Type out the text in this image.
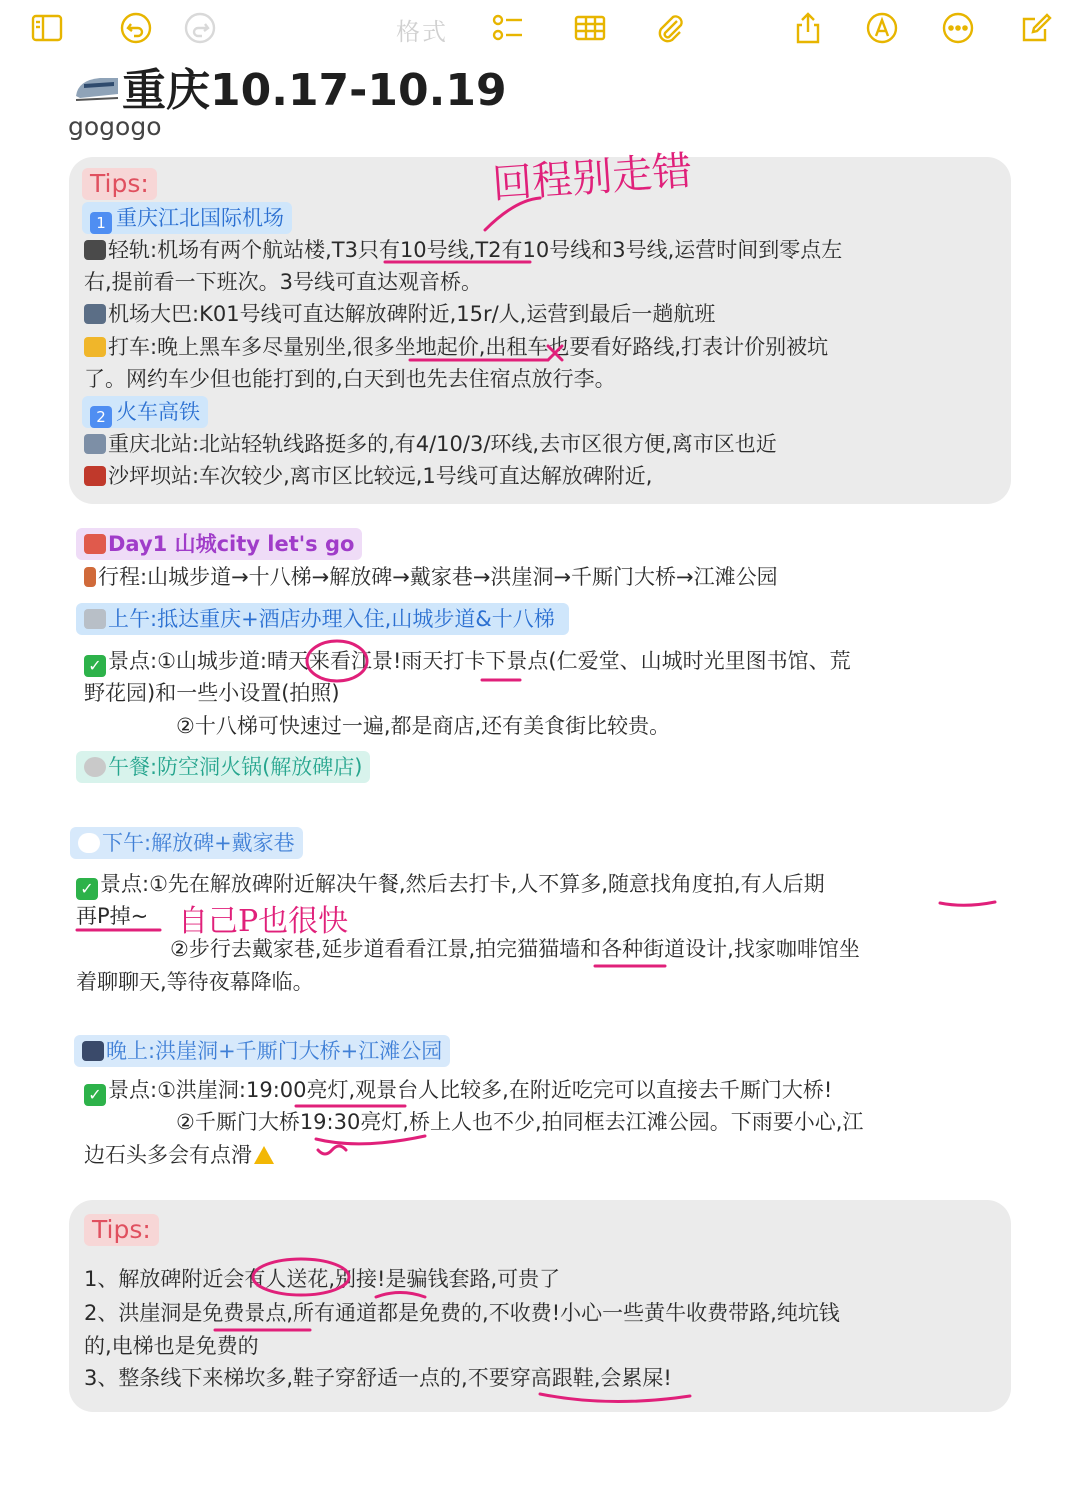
格式
重庆10.17-10.19
gogogo
Tips:
1 重庆江北国际机场
轻轨:机场有两个航站楼,T3只有10号线,T2有10号线和3号线,运营时间到零点左
右,提前看一下班次。3号线可直达观音桥。
机场大巴:K01号线可直达解放碑附近,15r/人,运营到最后一趟航班
打车:晚上黑车多尽量别坐,很多坐地起价,出租车也要看好路线,打表计价别被坑
了。网约车少但也能打到的,白天到也先去住宿点放行李。
2 火车高铁
重庆北站:北站轻轨线路挺多的,有4/10/3/环线,去市区很方便,离市区也近
沙坪坝站:车次较少,离市区比较远,1号线可直达解放碑附近,
回程别走错
Day1 山城city let's go
行程:山城步道→十八梯→解放碑→戴家巷→洪崖洞→千厮门大桥→江滩公园
上午:抵达重庆+酒店办理入住,山城步道&十八梯
✓ 景点:①山城步道:晴天来看江景!雨天打卡下景点(仁爱堂、山城时光里图书馆、荒
野花园)和一些小设置(拍照)
②十八梯可快速过一遍,都是商店,还有美食街比较贵。
午餐:防空洞火锅(解放碑店)
下午:解放碑+戴家巷
✓ 景点:①先在解放碑附近解决午餐,然后去打卡,人不算多,随意找角度拍,有人后期
再P掉~ 自己P也很快
②步行去戴家巷,延步道看看江景,拍完猫猫墙和各种街道设计,找家咖啡馆坐
着聊聊天,等待夜幕降临。
晚上:洪崖洞+千厮门大桥+江滩公园
✓ 景点:①洪崖洞:19:00亮灯,观景台人比较多,在附近吃完可以直接去千厮门大桥!
②千厮门大桥19:30亮灯,桥上人也不少,拍同框去江滩公园。下雨要小心,江
边石头多会有点滑
Tips:
1、解放碑附近会有人送花,别接!是骗钱套路,可贵了
2、洪崖洞是免费景点,所有通道都是免费的,不收费!小心一些黄牛收费带路,纯坑钱
的,电梯也是免费的
3、整条线下来梯坎多,鞋子穿舒适一点的,不要穿高跟鞋,会累屎!
